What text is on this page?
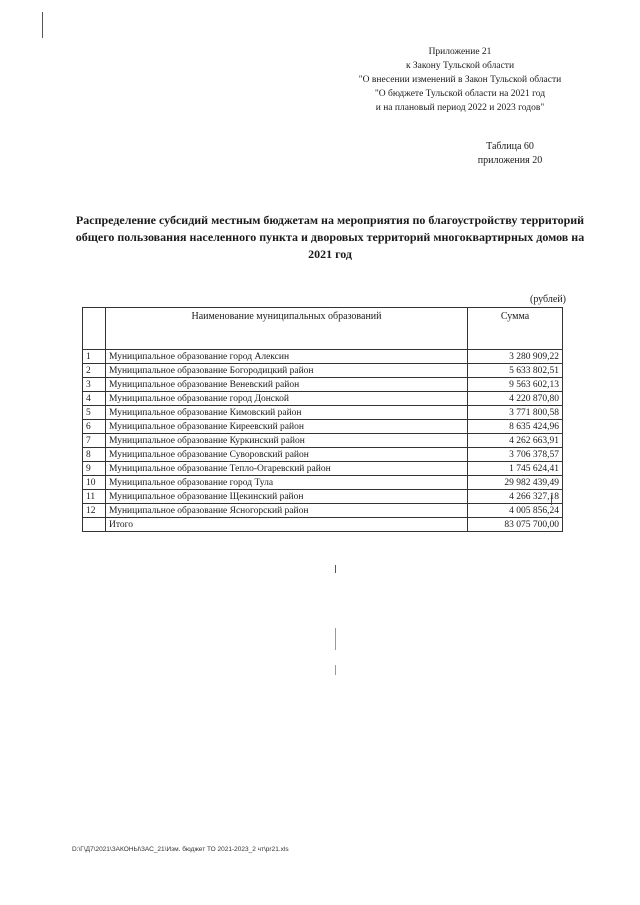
Приложение 21
к Закону Тульской области
"О внесении изменений в Закон Тульской области
"О бюджете Тульской области на 2021 год
и на плановый период 2022 и 2023 годов"
Таблица 60
приложения 20
Распределение субсидий местным бюджетам на мероприятия по благоустройству территорий общего пользования населенного пункта и дворовых территорий многоквартирных домов на 2021 год
(рублей)
	Наименование муниципальных образований	Сумма
1	Муниципальное образование город Алексин	3 280 909,22
2	Муниципальное образование Богородицкий район	5 633 802,51
3	Муниципальное образование Веневский район	9 563 602,13
4	Муниципальное образование город Донской	4 220 870,80
5	Муниципальное образование Кимовский район	3 771 800,58
6	Муниципальное образование Киреевский район	8 635 424,96
7	Муниципальное образование Куркинский район	4 262 663,91
8	Муниципальное образование Суворовский район	3 706 378,57
9	Муниципальное образование Тепло-Огаревский район	1 745 624,41
10	Муниципальное образование город Тула	29 982 439,49
11	Муниципальное образование Щекинский район	4 266 327,18
12	Муниципальное образование Ясногорский район	4 005 856,24
	Итого	83 075 700,00
D:\Г\Д7\2021\ЗАКОНЫ\ЗАС_21\Изм. бюджет ТО 2021-2023_2 чт\pr21.xls
